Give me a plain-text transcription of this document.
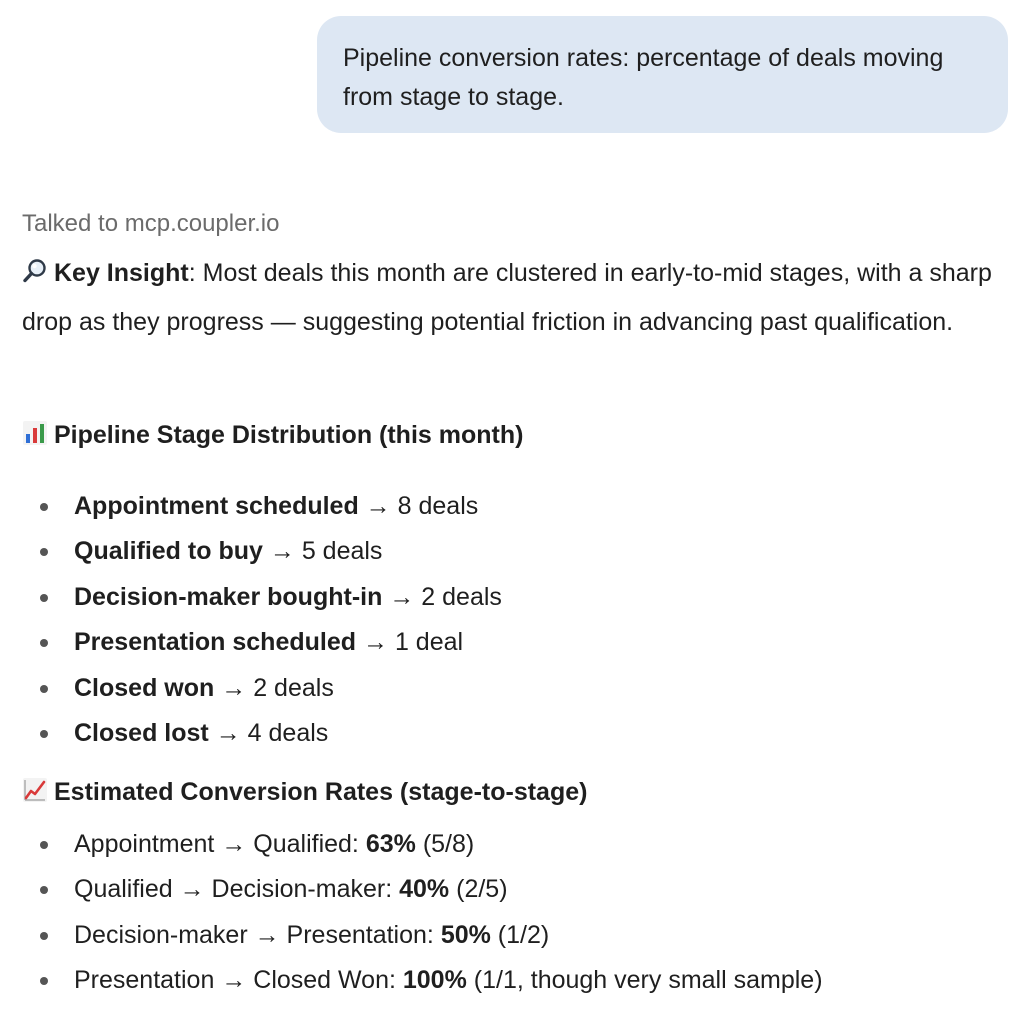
Pipeline conversion rates: percentage of deals moving from stage to stage.
Talked to mcp.coupler.io
Key Insight: Most deals this month are clustered in early-to-mid stages, with a sharp drop as they progress — suggesting potential friction in advancing past qualification.
Pipeline Stage Distribution (this month)
Appointment scheduled → 8 deals
Qualified to buy → 5 deals
Decision-maker bought-in → 2 deals
Presentation scheduled → 1 deal
Closed won → 2 deals
Closed lost → 4 deals
Estimated Conversion Rates (stage-to-stage)
Appointment → Qualified: 63% (5/8)
Qualified → Decision-maker: 40% (2/5)
Decision-maker → Presentation: 50% (1/2)
Presentation → Closed Won: 100% (1/1, though very small sample)
